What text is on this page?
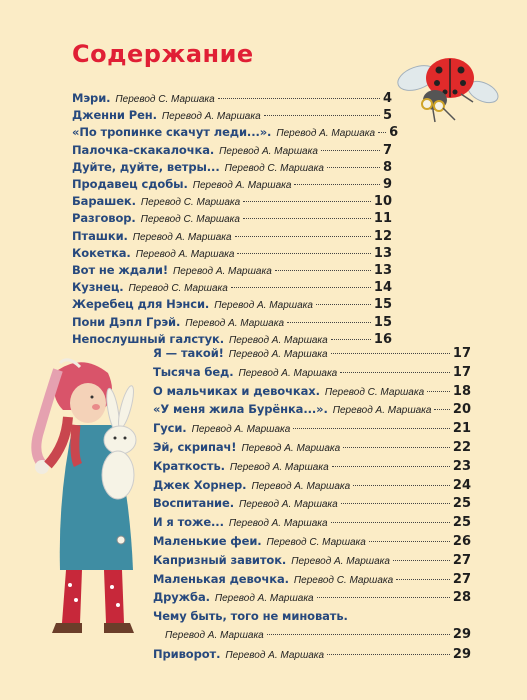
Содержание
Мэри. Перевод С. Маршака	4
Дженни Рен. Перевод А. Маршака	5
«По тропинке скачут леди...». Перевод А. Маршака 6
Палочка-скакалочка. Перевод А. Маршака	7
Дуйте, дуйте, ветры... Перевод С. Маршака	8
Продавец сдобы. Перевод А. Маршака	9
Барашек. Перевод С. Маршака	10
Разговор. Перевод С. Маршака	11
Пташки. Перевод А. Маршака	12
Кокетка. Перевод А. Маршака	13
Вот не ждали! Перевод А. Маршака	13
Кузнец. Перевод С. Маршака	14
Жеребец для Нэнси. Перевод А. Маршака	15
Пони Дэпл Грэй. Перевод А. Маршака	15
Непослушный галстук. Перевод А. Маршака	16
Я — такой! Перевод А. Маршака	17
Тысяча бед. Перевод А. Маршака	17
О мальчиках и девочках. Перевод С. Маршака 18
«У меня жила Бурёнка...». Перевод А. Маршака 20
Гуси. Перевод А. Маршака	21
Эй, скрипач! Перевод А. Маршака	22
Краткость. Перевод А. Маршака	23
Джек Хорнер. Перевод А. Маршака	24
Воспитание. Перевод А. Маршака	25
И я тоже... Перевод А. Маршака	25
Маленькие феи. Перевод С. Маршака	26
Капризный завиток. Перевод А. Маршака	27
Маленькая девочка. Перевод С. Маршака	27
Дружба. Перевод А. Маршака	28
Чему быть, того не миновать.
Перевод А. Маршака	29
Приворот. Перевод А. Маршака	29
